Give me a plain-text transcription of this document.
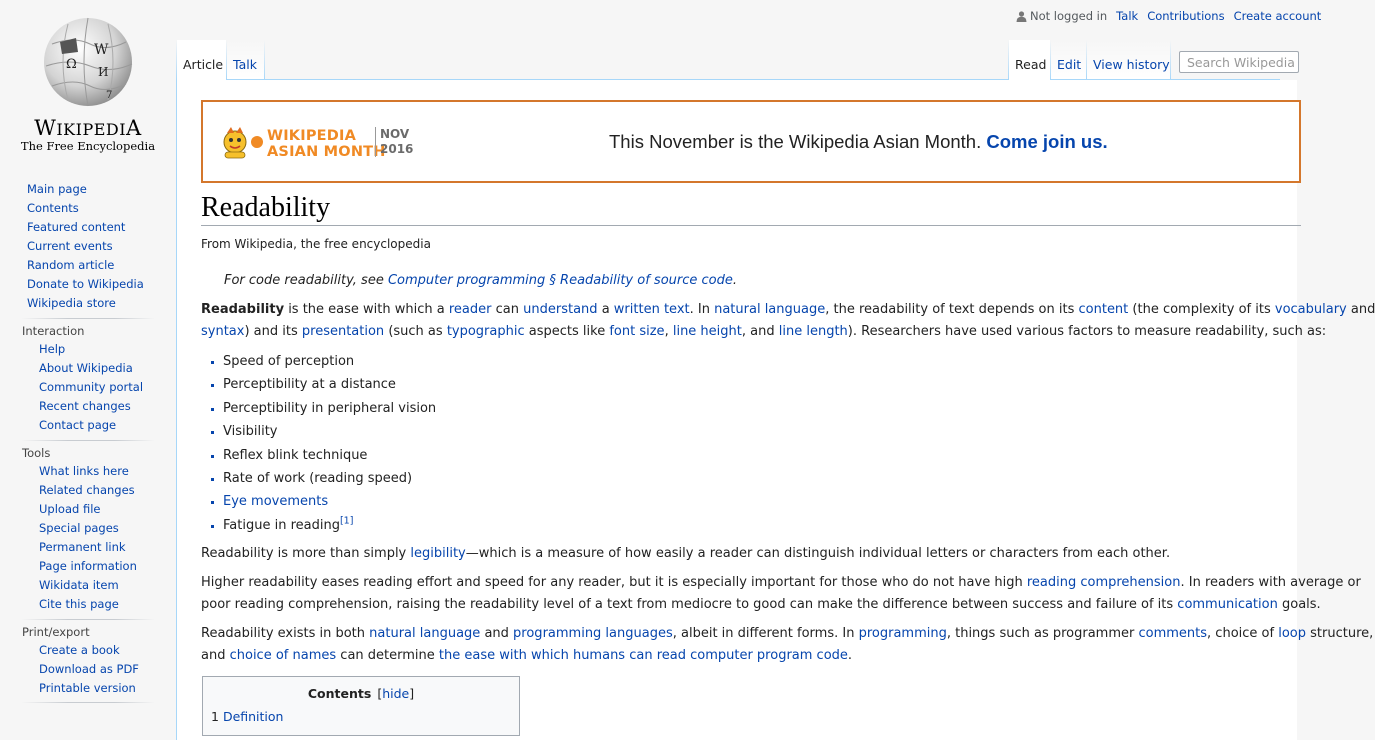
Ω
W
И
7
WIKIPEDIA
The Free Encyclopedia
Main page
Contents
Featured content
Current events
Random article
Donate to Wikipedia
Wikipedia store
Interaction
Help
About Wikipedia
Community portal
Recent changes
Contact page
Tools
What links here
Related changes
Upload file
Special pages
Permanent link
Page information
Wikidata item
Cite this page
Print/export
Create a book
Download as PDF
Printable version
Not logged in Talk Contributions Create account
Article Talk	Read Edit View history	Search Wikipedia
WIKIPEDIA
ASIAN MONTH
NOV
2016	This November is the Wikipedia Asian Month. Come join us.
Readability
From Wikipedia, the free encyclopedia

For code readability, see Computer programming § Readability of source code.

Readability is the ease with which a reader can understand a written text. In natural language, the readability of text depends on its content (the complexity of its vocabulary and
syntax) and its presentation (such as typographic aspects like font size, line height, and line length). Researchers have used various factors to measure readability, such as:

Speed of perception
Perceptibility at a distance
Perceptibility in peripheral vision
Visibility
Reflex blink technique
Rate of work (reading speed)
Eye movements
Fatigue in reading[1]

Readability is more than simply legibility—which is a measure of how easily a reader can distinguish individual letters or characters from each other.

Higher readability eases reading effort and speed for any reader, but it is especially important for those who do not have high reading comprehension. In readers with average or
poor reading comprehension, raising the readability level of a text from mediocre to good can make the difference between success and failure of its communication goals.

Readability exists in both natural language and programming languages, albeit in different forms. In programming, things such as programmer comments, choice of loop structure,
and choice of names can determine the ease with which humans can read computer program code.

Contents [hide]
1 Definition
